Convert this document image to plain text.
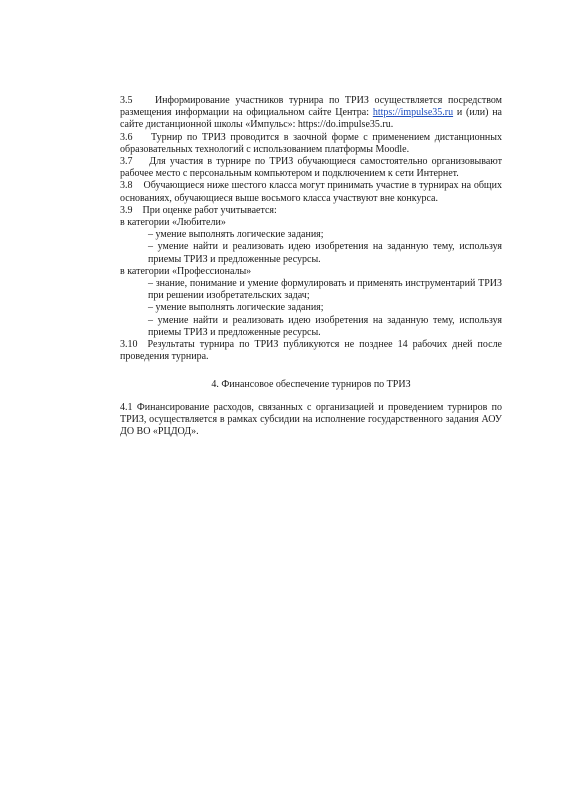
3.5    Информирование участников турнира по ТРИЗ осуществляется посредством размещения информации на официальном сайте Центра: https://impulse35.ru и (или) на сайте дистанционной школы «Импульс»: https://do.impulse35.ru.

3.6    Турнир по ТРИЗ проводится в заочной форме с применением дистанционных образовательных технологий с использованием платформы Moodle.

3.7    Для участия в турнире по ТРИЗ обучающиеся самостоятельно организовывают рабочее место с персональным компьютером и подключением к сети Интернет.

3.8    Обучающиеся ниже шестого класса могут принимать участие в турнирах на общих основаниях, обучающиеся выше восьмого класса участвуют вне конкурса.

3.9    При оценке работ учитывается:

в категории «Любители»

– умение выполнять логические задания;

– умение найти и реализовать идею изобретения на заданную тему, используя приемы ТРИЗ и предложенные ресурсы.

в категории «Профессионалы»

– знание, понимание и умение формулировать и применять инструментарий ТРИЗ при решении изобретательских задач;

– умение выполнять логические задания;

– умение найти и реализовать идею изобретения на заданную тему, используя приемы ТРИЗ и предложенные ресурсы.

3.10  Результаты турнира по ТРИЗ публикуются не позднее 14 рабочих дней после проведения турнира.

4. Финансовое обеспечение турниров по ТРИЗ

4.1 Финансирование расходов, связанных с организацией и проведением турниров по ТРИЗ, осуществляется в рамках субсидии на исполнение государственного задания АОУ ДО ВО «РЦДОД».
